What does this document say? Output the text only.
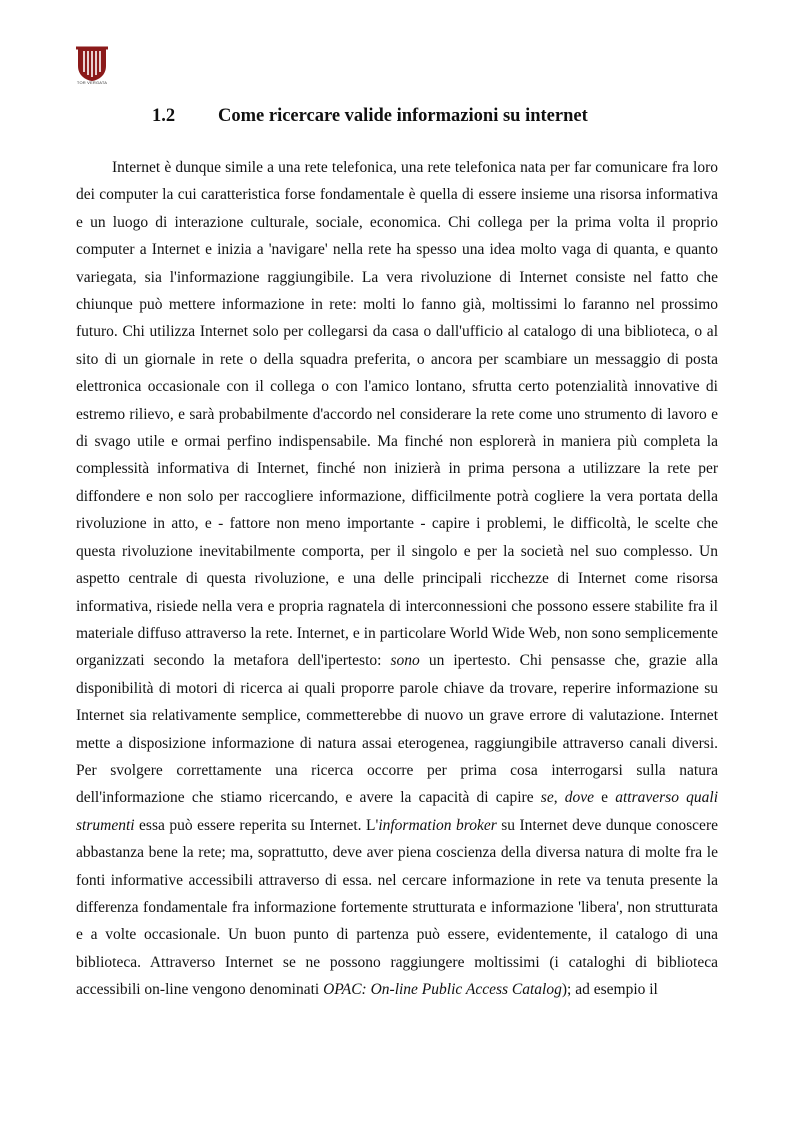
TOR VERGATA
1.2 Come ricercare valide informazioni su internet

Internet è dunque simile a una rete telefonica, una rete telefonica nata per far comunicare fra loro dei computer la cui caratteristica forse fondamentale è quella di essere insieme una risorsa informativa e un luogo di interazione culturale, sociale, economica. Chi collega per la prima volta il proprio computer a Internet e inizia a 'navigare' nella rete ha spesso una idea molto vaga di quanta, e quanto variegata, sia l'informazione raggiungibile. La vera rivoluzione di Internet consiste nel fatto che chiunque può mettere informazione in rete: molti lo fanno già, moltissimi lo faranno nel prossimo futuro. Chi utilizza Internet solo per collegarsi da casa o dall'ufficio al catalogo di una biblioteca, o al sito di un giornale in rete o della squadra preferita, o ancora per scambiare un messaggio di posta elettronica occasionale con il collega o con l'amico lontano, sfrutta certo potenzialità innovative di estremo rilievo, e sarà probabilmente d'accordo nel considerare la rete come uno strumento di lavoro e di svago utile e ormai perfino indispensabile. Ma finché non esplorerà in maniera più completa la complessità informativa di Internet, finché non inizierà in prima persona a utilizzare la rete per diffondere e non solo per raccogliere informazione, difficilmente potrà cogliere la vera portata della rivoluzione in atto, e - fattore non meno importante - capire i problemi, le difficoltà, le scelte che questa rivoluzione inevitabilmente comporta, per il singolo e per la società nel suo complesso. Un aspetto centrale di questa rivoluzione, e una delle principali ricchezze di Internet come risorsa informativa, risiede nella vera e propria ragnatela di interconnessioni che possono essere stabilite fra il materiale diffuso attraverso la rete. Internet, e in particolare World Wide Web, non sono semplicemente organizzati secondo la metafora dell'ipertesto: sono un ipertesto. Chi pensasse che, grazie alla disponibilità di motori di ricerca ai quali proporre parole chiave da trovare, reperire informazione su Internet sia relativamente semplice, commetterebbe di nuovo un grave errore di valutazione. Internet mette a disposizione informazione di natura assai eterogenea, raggiungibile attraverso canali diversi. Per svolgere correttamente una ricerca occorre per prima cosa interrogarsi sulla natura dell'informazione che stiamo ricercando, e avere la capacità di capire se, dove e attraverso quali strumenti essa può essere reperita su Internet. L'information broker su Internet deve dunque conoscere abbastanza bene la rete; ma, soprattutto, deve aver piena coscienza della diversa natura di molte fra le fonti informative accessibili attraverso di essa. nel cercare informazione in rete va tenuta presente la differenza fondamentale fra informazione fortemente strutturata e informazione 'libera', non strutturata e a volte occasionale. Un buon punto di partenza può essere, evidentemente, il catalogo di una biblioteca. Attraverso Internet se ne possono raggiungere moltissimi (i cataloghi di biblioteca accessibili on-line vengono denominati OPAC: On-line Public Access Catalog); ad esempio il
